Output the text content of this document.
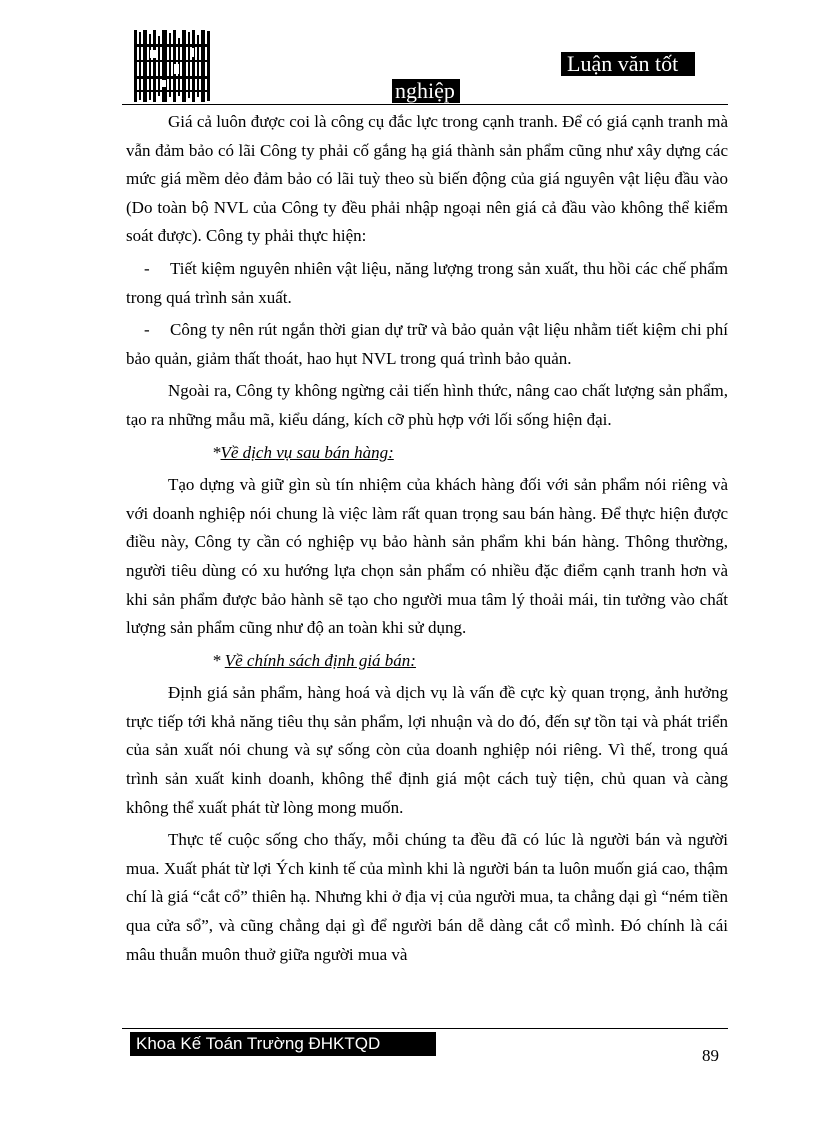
Luận văn tốt
nghiệp

Giá cả luôn được coi là công cụ đắc lực trong cạnh tranh. Để có giá cạnh tranh mà vẫn đảm bảo có lãi Công ty phải cố gắng hạ giá thành sản phẩm cũng như xây dựng các mức giá mềm dẻo đảm bảo có lãi tuỳ theo sù biến động của giá nguyên vật liệu đầu vào (Do toàn bộ NVL của Công ty đều phải nhập ngoại nên giá cả đầu vào không thể kiểm soát được). Công ty phải thực hiện:

- Tiết kiệm nguyên nhiên vật liệu, năng lượng trong sản xuất, thu hồi các chế phẩm trong quá trình sản xuất.

- Công ty nên rút ngắn thời gian dự trữ và bảo quản vật liệu nhằm tiết kiệm chi phí bảo quản, giảm thất thoát, hao hụt NVL trong quá trình bảo quản.

Ngoài ra, Công ty không ngừng cải tiến hình thức, nâng cao chất lượng sản phẩm, tạo ra những mẫu mã, kiểu dáng, kích cỡ phù hợp với lối sống hiện đại.

*Về dịch vụ sau bán hàng:

Tạo dựng và giữ gìn sù tín nhiệm của khách hàng đối với sản phẩm nói riêng và với doanh nghiệp nói chung là việc làm rất quan trọng sau bán hàng. Để thực hiện được điều này, Công ty cần có nghiệp vụ bảo hành sản phẩm khi bán hàng. Thông thường, người tiêu dùng có xu hướng lựa chọn sản phẩm có nhiều đặc điểm cạnh tranh hơn và khi sản phẩm được bảo hành sẽ tạo cho người mua tâm lý thoải mái, tin tưởng vào chất lượng sản phẩm cũng như độ an toàn khi sử dụng.

* Về chính sách định giá bán:

Định giá sản phẩm, hàng hoá và dịch vụ là vấn đề cực kỳ quan trọng, ảnh hưởng trực tiếp tới khả năng tiêu thụ sản phẩm, lợi nhuận và do đó, đến sự tồn tại và phát triển của sản xuất nói chung và sự sống còn của doanh nghiệp nói riêng. Vì thế, trong quá trình sản xuất kinh doanh, không thể định giá một cách tuỳ tiện, chủ quan và càng không thể xuất phát từ lòng mong muốn.

Thực tế cuộc sống cho thấy, mỗi chúng ta đều đã có lúc là người bán và người mua. Xuất phát từ lợi Ých kinh tế của mình khi là người bán ta luôn muốn giá cao, thậm chí là giá “cắt cổ” thiên hạ. Nhưng khi ở địa vị của người mua, ta chẳng dại gì “ném tiền qua cửa sổ”, và cũng chẳng dại gì để người bán dễ dàng cắt cổ mình. Đó chính là cái mâu thuẫn muôn thuở giữa người mua và

Khoa Kế Toán Trường ĐHKTQD
89
